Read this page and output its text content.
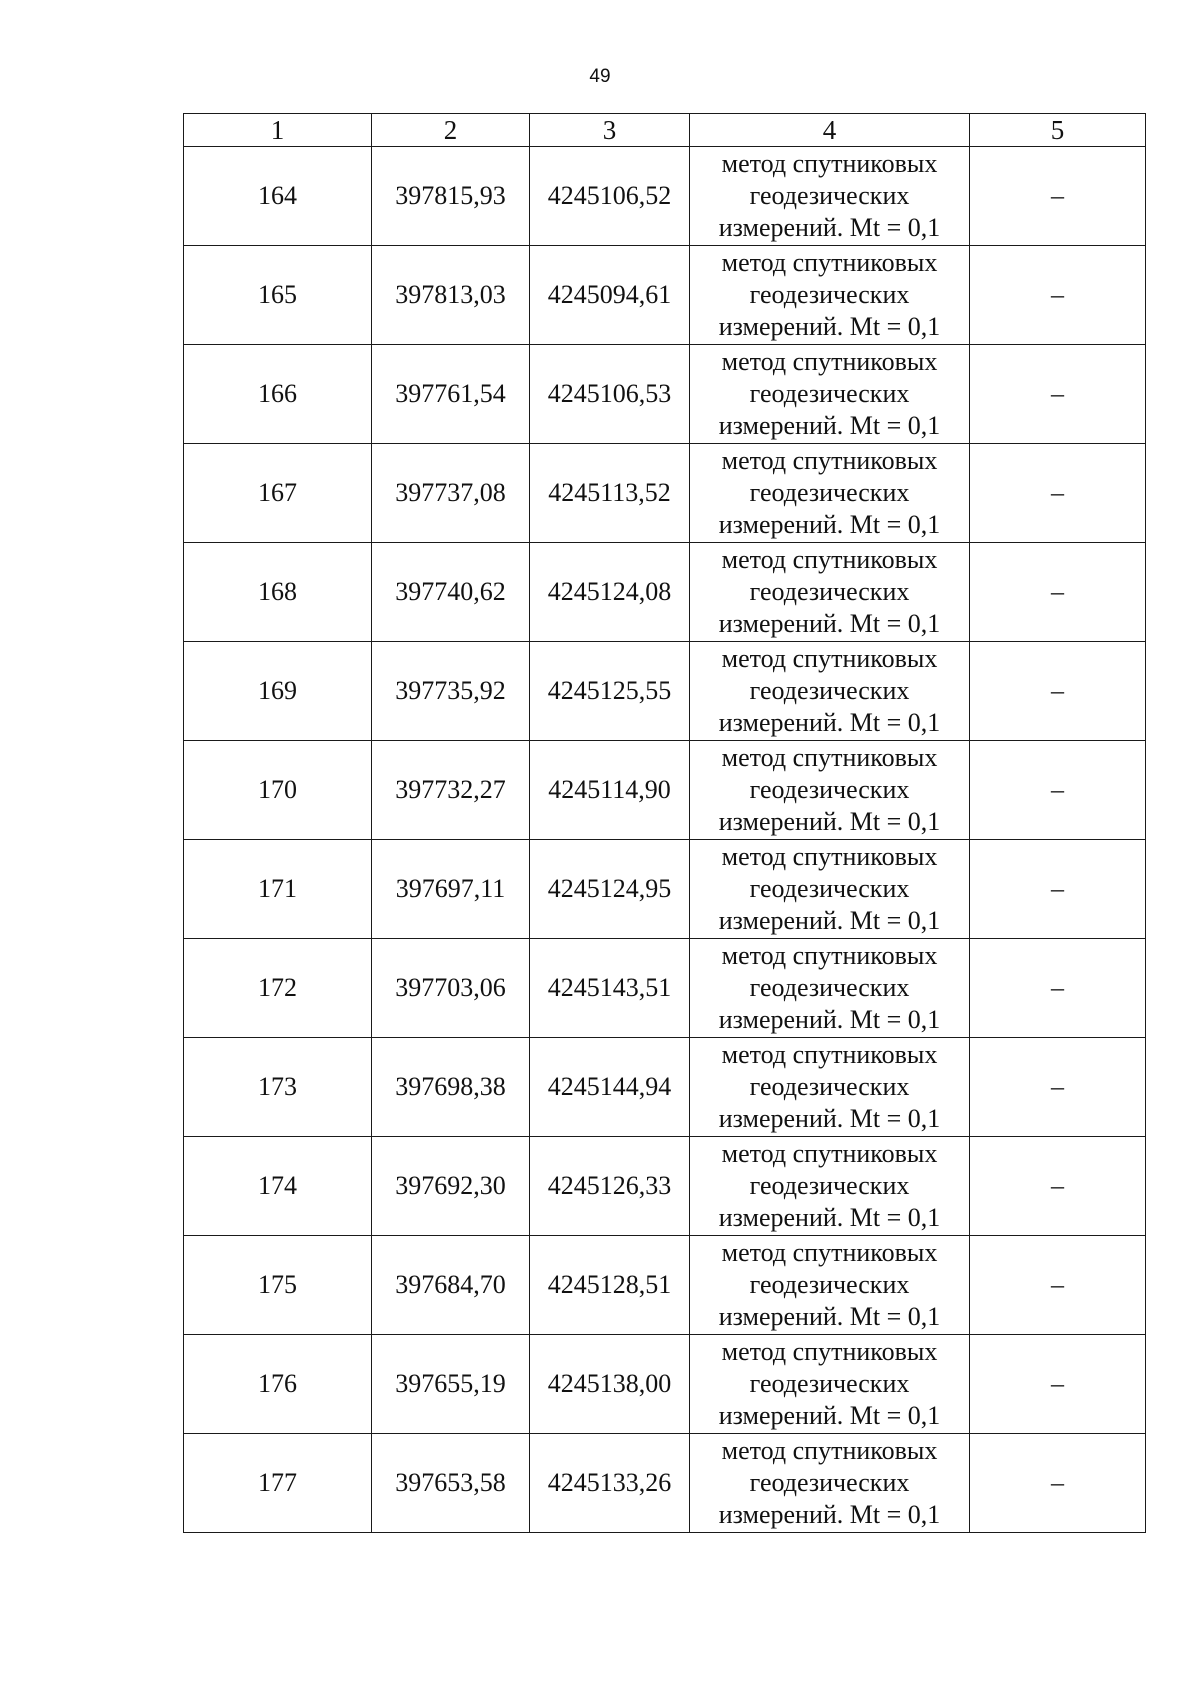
49
1	2	3	4	5
164	397815,93	4245106,52	метод спутниковых
геодезических
измерений. Mt = 0,1	–
165	397813,03	4245094,61	метод спутниковых
геодезических
измерений. Mt = 0,1	–
166	397761,54	4245106,53	метод спутниковых
геодезических
измерений. Mt = 0,1	–
167	397737,08	4245113,52	метод спутниковых
геодезических
измерений. Mt = 0,1	–
168	397740,62	4245124,08	метод спутниковых
геодезических
измерений. Mt = 0,1	–
169	397735,92	4245125,55	метод спутниковых
геодезических
измерений. Mt = 0,1	–
170	397732,27	4245114,90	метод спутниковых
геодезических
измерений. Mt = 0,1	–
171	397697,11	4245124,95	метод спутниковых
геодезических
измерений. Mt = 0,1	–
172	397703,06	4245143,51	метод спутниковых
геодезических
измерений. Mt = 0,1	–
173	397698,38	4245144,94	метод спутниковых
геодезических
измерений. Mt = 0,1	–
174	397692,30	4245126,33	метод спутниковых
геодезических
измерений. Mt = 0,1	–
175	397684,70	4245128,51	метод спутниковых
геодезических
измерений. Mt = 0,1	–
176	397655,19	4245138,00	метод спутниковых
геодезических
измерений. Mt = 0,1	–
177	397653,58	4245133,26	метод спутниковых
геодезических
измерений. Mt = 0,1	–
